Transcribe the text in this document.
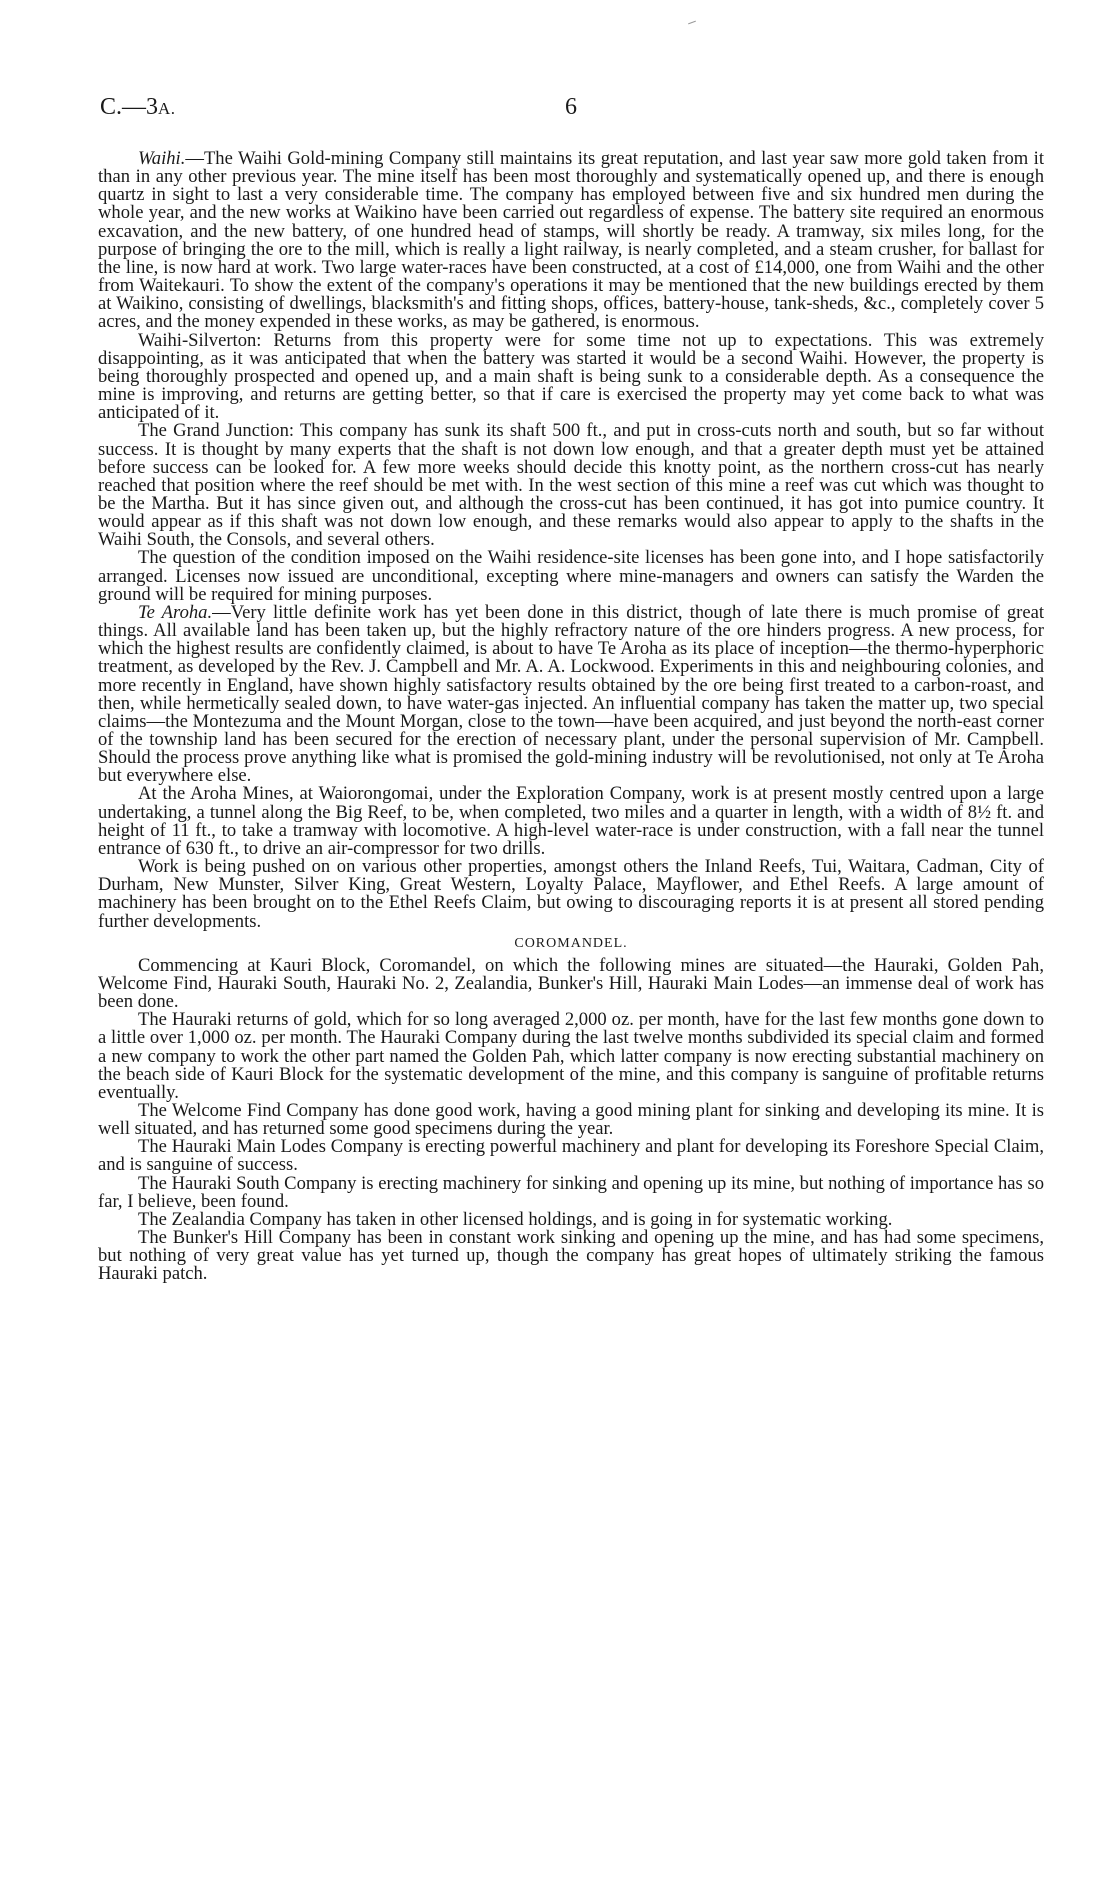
C.—3A.	6

Waihi.—The Waihi Gold-mining Company still maintains its great reputation, and last year saw more gold taken from it than in any other previous year. The mine itself has been most thoroughly and systematically opened up, and there is enough quartz in sight to last a very considerable time. The company has employed between five and six hundred men during the whole year, and the new works at Waikino have been carried out regardless of expense. The battery site required an enormous excavation, and the new battery, of one hundred head of stamps, will shortly be ready. A tramway, six miles long, for the purpose of bringing the ore to the mill, which is really a light railway, is nearly completed, and a steam crusher, for ballast for the line, is now hard at work. Two large water-races have been constructed, at a cost of £14,000, one from Waihi and the other from Waitekauri. To show the extent of the company's operations it may be mentioned that the new buildings erected by them at Waikino, consisting of dwellings, blacksmith's and fitting shops, offices, battery-house, tank-sheds, &c., completely cover 5 acres, and the money expended in these works, as may be gathered, is enormous.

Waihi-Silverton: Returns from this property were for some time not up to expectations. This was extremely disappointing, as it was anticipated that when the battery was started it would be a second Waihi. However, the property is being thoroughly prospected and opened up, and a main shaft is being sunk to a considerable depth. As a consequence the mine is improving, and returns are getting better, so that if care is exercised the property may yet come back to what was anticipated of it.

The Grand Junction: This company has sunk its shaft 500 ft., and put in cross-cuts north and south, but so far without success. It is thought by many experts that the shaft is not down low enough, and that a greater depth must yet be attained before success can be looked for. A few more weeks should decide this knotty point, as the northern cross-cut has nearly reached that position where the reef should be met with. In the west section of this mine a reef was cut which was thought to be the Martha. But it has since given out, and although the cross-cut has been continued, it has got into pumice country. It would appear as if this shaft was not down low enough, and these remarks would also appear to apply to the shafts in the Waihi South, the Consols, and several others.

The question of the condition imposed on the Waihi residence-site licenses has been gone into, and I hope satisfactorily arranged. Licenses now issued are unconditional, excepting where mine-managers and owners can satisfy the Warden the ground will be required for mining purposes.

Te Aroha.—Very little definite work has yet been done in this district, though of late there is much promise of great things. All available land has been taken up, but the highly refractory nature of the ore hinders progress. A new process, for which the highest results are confidently claimed, is about to have Te Aroha as its place of inception—the thermo-hyperphoric treatment, as developed by the Rev. J. Campbell and Mr. A. A. Lockwood. Experiments in this and neighbouring colonies, and more recently in England, have shown highly satisfactory results obtained by the ore being first treated to a carbon-roast, and then, while hermetically sealed down, to have water-gas injected. An influential company has taken the matter up, two special claims—the Montezuma and the Mount Morgan, close to the town—have been acquired, and just beyond the north-east corner of the township land has been secured for the erection of necessary plant, under the personal supervision of Mr. Campbell. Should the process prove anything like what is promised the gold-mining industry will be revolutionised, not only at Te Aroha but everywhere else.

At the Aroha Mines, at Waiorongomai, under the Exploration Company, work is at present mostly centred upon a large undertaking, a tunnel along the Big Reef, to be, when completed, two miles and a quarter in length, with a width of 8½ ft. and height of 11 ft., to take a tramway with locomotive. A high-level water-race is under construction, with a fall near the tunnel entrance of 630 ft., to drive an air-compressor for two drills.

Work is being pushed on on various other properties, amongst others the Inland Reefs, Tui, Waitara, Cadman, City of Durham, New Munster, Silver King, Great Western, Loyalty Palace, Mayflower, and Ethel Reefs. A large amount of machinery has been brought on to the Ethel Reefs Claim, but owing to discouraging reports it is at present all stored pending further developments.

COROMANDEL.

Commencing at Kauri Block, Coromandel, on which the following mines are situated—the Hauraki, Golden Pah, Welcome Find, Hauraki South, Hauraki No. 2, Zealandia, Bunker's Hill, Hauraki Main Lodes—an immense deal of work has been done.

The Hauraki returns of gold, which for so long averaged 2,000 oz. per month, have for the last few months gone down to a little over 1,000 oz. per month. The Hauraki Company during the last twelve months subdivided its special claim and formed a new company to work the other part named the Golden Pah, which latter company is now erecting substantial machinery on the beach side of Kauri Block for the systematic development of the mine, and this company is sanguine of profitable returns eventually.

The Welcome Find Company has done good work, having a good mining plant for sinking and developing its mine. It is well situated, and has returned some good specimens during the year.

The Hauraki Main Lodes Company is erecting powerful machinery and plant for developing its Foreshore Special Claim, and is sanguine of success.

The Hauraki South Company is erecting machinery for sinking and opening up its mine, but nothing of importance has so far, I believe, been found.

The Zealandia Company has taken in other licensed holdings, and is going in for systematic working.

The Bunker's Hill Company has been in constant work sinking and opening up the mine, and has had some specimens, but nothing of very great value has yet turned up, though the company has great hopes of ultimately striking the famous Hauraki patch.
